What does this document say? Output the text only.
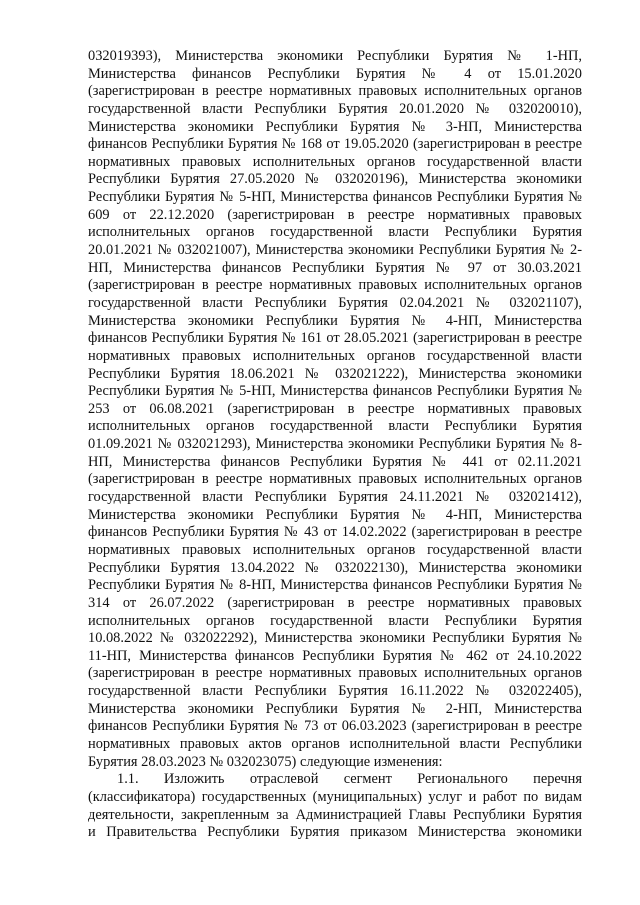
032019393), Министерства экономики Республики Бурятия № 1-НП,
Министерства финансов Республики Бурятия № 4 от 15.01.2020
(зарегистрирован в реестре нормативных правовых исполнительных органов
государственной власти Республики Бурятия 20.01.2020 № 032020010),
Министерства экономики Республики Бурятия № 3-НП, Министерства
финансов Республики Бурятия № 168 от 19.05.2020 (зарегистрирован в реестре
нормативных правовых исполнительных органов государственной власти
Республики Бурятия 27.05.2020 № 032020196), Министерства экономики
Республики Бурятия № 5-НП, Министерства финансов Республики Бурятия №
609 от 22.12.2020 (зарегистрирован в реестре нормативных правовых
исполнительных органов государственной власти Республики Бурятия
20.01.2021 № 032021007), Министерства экономики Республики Бурятия № 2-
НП, Министерства финансов Республики Бурятия № 97 от 30.03.2021
(зарегистрирован в реестре нормативных правовых исполнительных органов
государственной власти Республики Бурятия 02.04.2021 № 032021107),
Министерства экономики Республики Бурятия № 4-НП, Министерства
финансов Республики Бурятия № 161 от 28.05.2021 (зарегистрирован в реестре
нормативных правовых исполнительных органов государственной власти
Республики Бурятия 18.06.2021 № 032021222), Министерства экономики
Республики Бурятия № 5-НП, Министерства финансов Республики Бурятия №
253 от 06.08.2021 (зарегистрирован в реестре нормативных правовых
исполнительных органов государственной власти Республики Бурятия
01.09.2021 № 032021293), Министерства экономики Республики Бурятия № 8-
НП, Министерства финансов Республики Бурятия № 441 от 02.11.2021
(зарегистрирован в реестре нормативных правовых исполнительных органов
государственной власти Республики Бурятия 24.11.2021 № 032021412),
Министерства экономики Республики Бурятия № 4-НП, Министерства
финансов Республики Бурятия № 43 от 14.02.2022 (зарегистрирован в реестре
нормативных правовых исполнительных органов государственной власти
Республики Бурятия 13.04.2022 № 032022130), Министерства экономики
Республики Бурятия № 8-НП, Министерства финансов Республики Бурятия №
314 от 26.07.2022 (зарегистрирован в реестре нормативных правовых
исполнительных органов государственной власти Республики Бурятия
10.08.2022 № 032022292), Министерства экономики Республики Бурятия №
11-НП, Министерства финансов Республики Бурятия № 462 от 24.10.2022
(зарегистрирован в реестре нормативных правовых исполнительных органов
государственной власти Республики Бурятия 16.11.2022 № 032022405),
Министерства экономики Республики Бурятия № 2-НП, Министерства
финансов Республики Бурятия № 73 от 06.03.2023 (зарегистрирован в реестре
нормативных правовых актов органов исполнительной власти Республики
Бурятия 28.03.2023 № 032023075) следующие изменения:
1.1. Изложить отраслевой сегмент Регионального перечня
(классификатора) государственных (муниципальных) услуг и работ по видам
деятельности, закрепленным за Администрацией Главы Республики Бурятия
и Правительства Республики Бурятия приказом Министерства экономики
